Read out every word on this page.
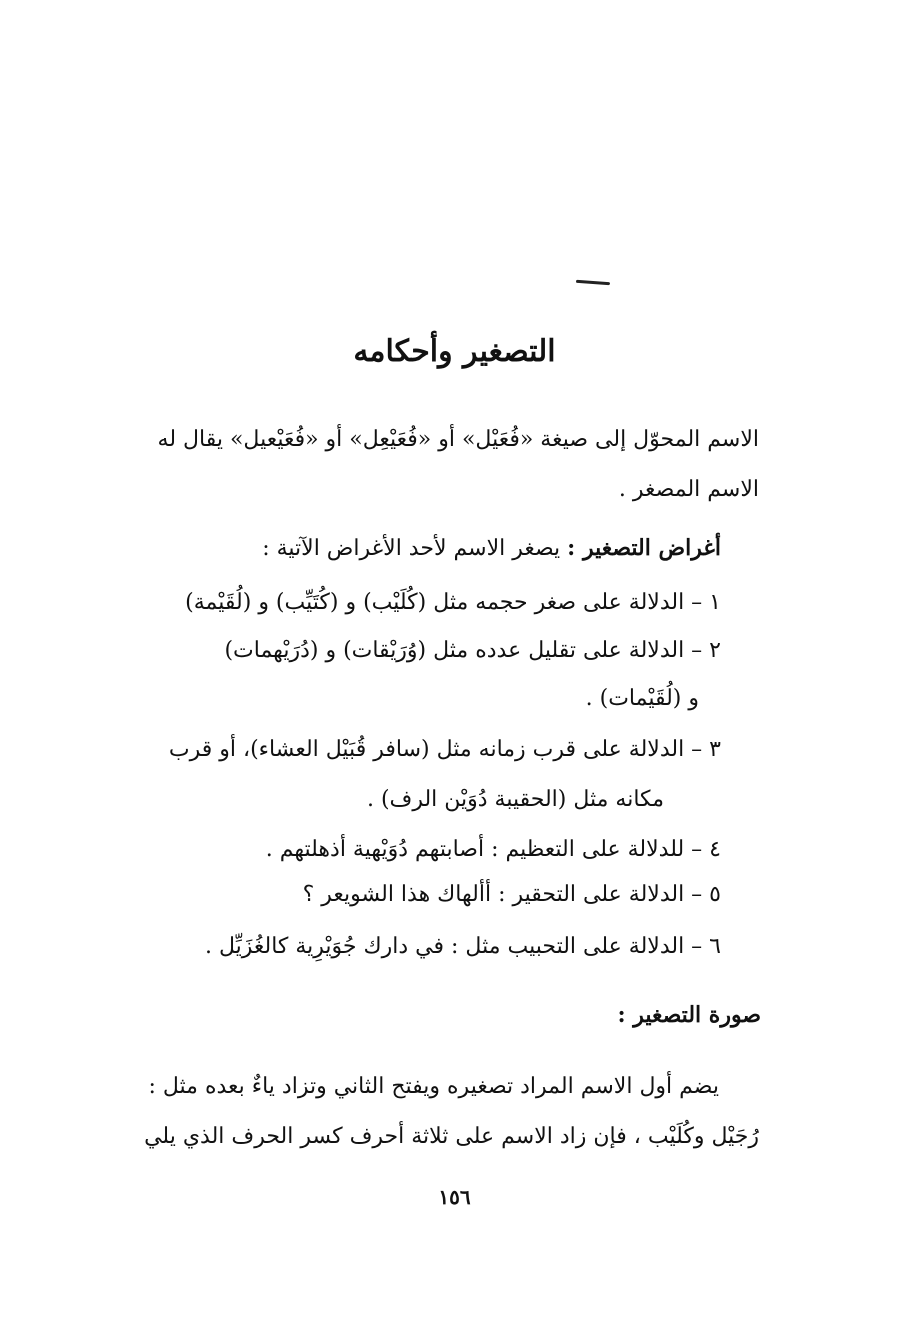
التصغير وأحكامه

الاسم المحوّل إلى صيغة «فُعَيْل» أو «فُعَيْعِل» أو «فُعَيْعيل» يقال له

الاسم المصغر .

أغراض التصغير : يصغر الاسم لأحد الأغراض الآتية :

١ – الدلالة على صغر حجمه مثل (كُلَيْب) و (كُتَيِّب) و (لُقَيْمة)

٢ – الدلالة على تقليل عدده مثل (وُرَيْقات) و (دُرَيْهمات)

و (لُقَيْمات) .

٣ – الدلالة على قرب زمانه مثل (سافر قُبَيْل العشاء)، أو قرب

مكانه مثل (الحقيبة دُوَيْن الرف) .

٤ – للدلالة على التعظيم : أصابتهم دُوَيْهية أذهلتهم .

٥ – الدلالة على التحقير : أألهاك هذا الشويعر ؟

٦ – الدلالة على التحبيب مثل : في دارك جُوَيْرِية كالغُزَيِّل .

صورة التصغير :

يضم أول الاسم المراد تصغيره ويفتح الثاني وتزاد ياءٌ بعده مثل :

رُجَيْل وكُلَيْب ، فإن زاد الاسم على ثلاثة أحرف كسر الحرف الذي يلي

١٥٦
